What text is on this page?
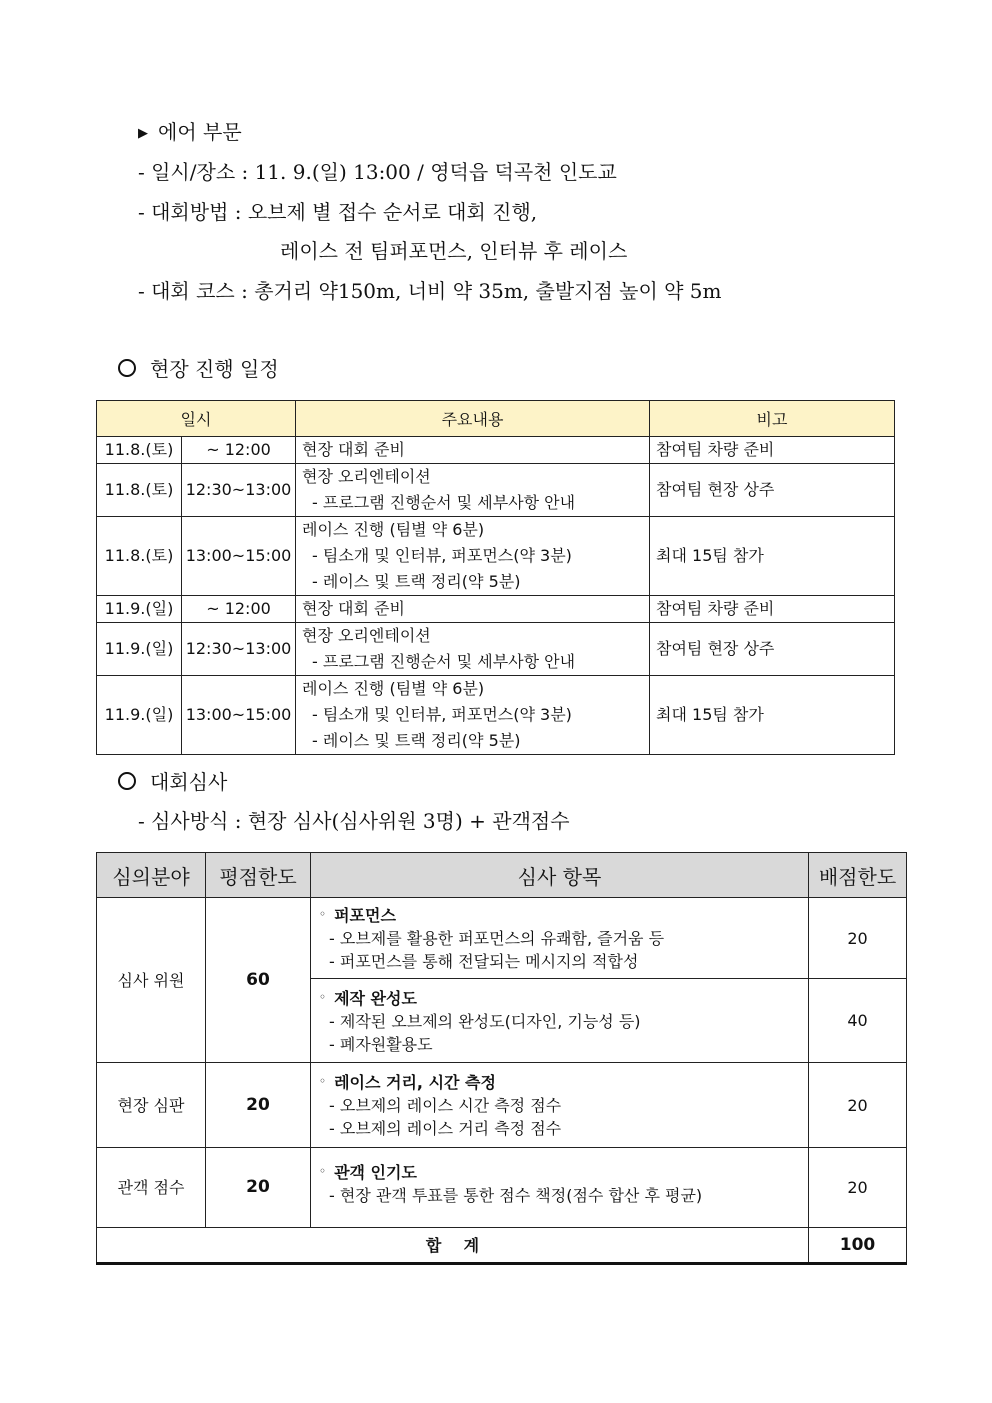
▶ 에어 부문
- 일시/장소 : 11. 9.(일) 13:00 / 영덕읍 덕곡천 인도교
- 대회방법 : 오브제 별 접수 순서로 대회 진행,
레이스 전 팀퍼포먼스, 인터뷰 후 레이스
- 대회 코스 : 총거리 약150m, 너비 약 35m, 출발지점 높이 약 5m
현장 진행 일정
일시		주요내용	비고
11.8.(토)	~ 12:00	현장 대회 준비	참여팀 차량 준비
11.8.(토)	12:30~13:00	현장 오리엔테이션
- 프로그램 진행순서 및 세부사항 안내	참여팀 현장 상주
11.8.(토)	13:00~15:00	레이스 진행 (팀별 약 6분)
- 팀소개 및 인터뷰, 퍼포먼스(약 3분)
- 레이스 및 트랙 정리(약 5분)	최대 15팀 참가
11.9.(일)	~ 12:00	현장 대회 준비	참여팀 차량 준비
11.9.(일)	12:30~13:00	현장 오리엔테이션
- 프로그램 진행순서 및 세부사항 안내	참여팀 현장 상주
11.9.(일)	13:00~15:00	레이스 진행 (팀별 약 6분)
- 팀소개 및 인터뷰, 퍼포먼스(약 3분)
- 레이스 및 트랙 정리(약 5분)	최대 15팀 참가
대회심사
- 심사방식 : 현장 심사(심사위원 3명) + 관객점수
심의분야	평점한도	심사 항목	배점한도
심사 위원	60	◦ 퍼포먼스
- 오브제를 활용한 퍼포먼스의 유쾌함, 즐거움 등
- 퍼포먼스를 통해 전달되는 메시지의 적합성	20

		◦ 제작 완성도
- 제작된 오브제의 완성도(디자인, 기능성 등)
- 폐자원활용도	40
현장 심판	20	◦ 레이스 거리, 시간 측정
- 오브제의 레이스 시간 측정 점수
- 오브제의 레이스 거리 측정 점수	20
관객 점수	20	◦ 관객 인기도
- 현장 관객 투표를 통한 점수 책정(점수 합산 후 평균)	20
합    계			100
